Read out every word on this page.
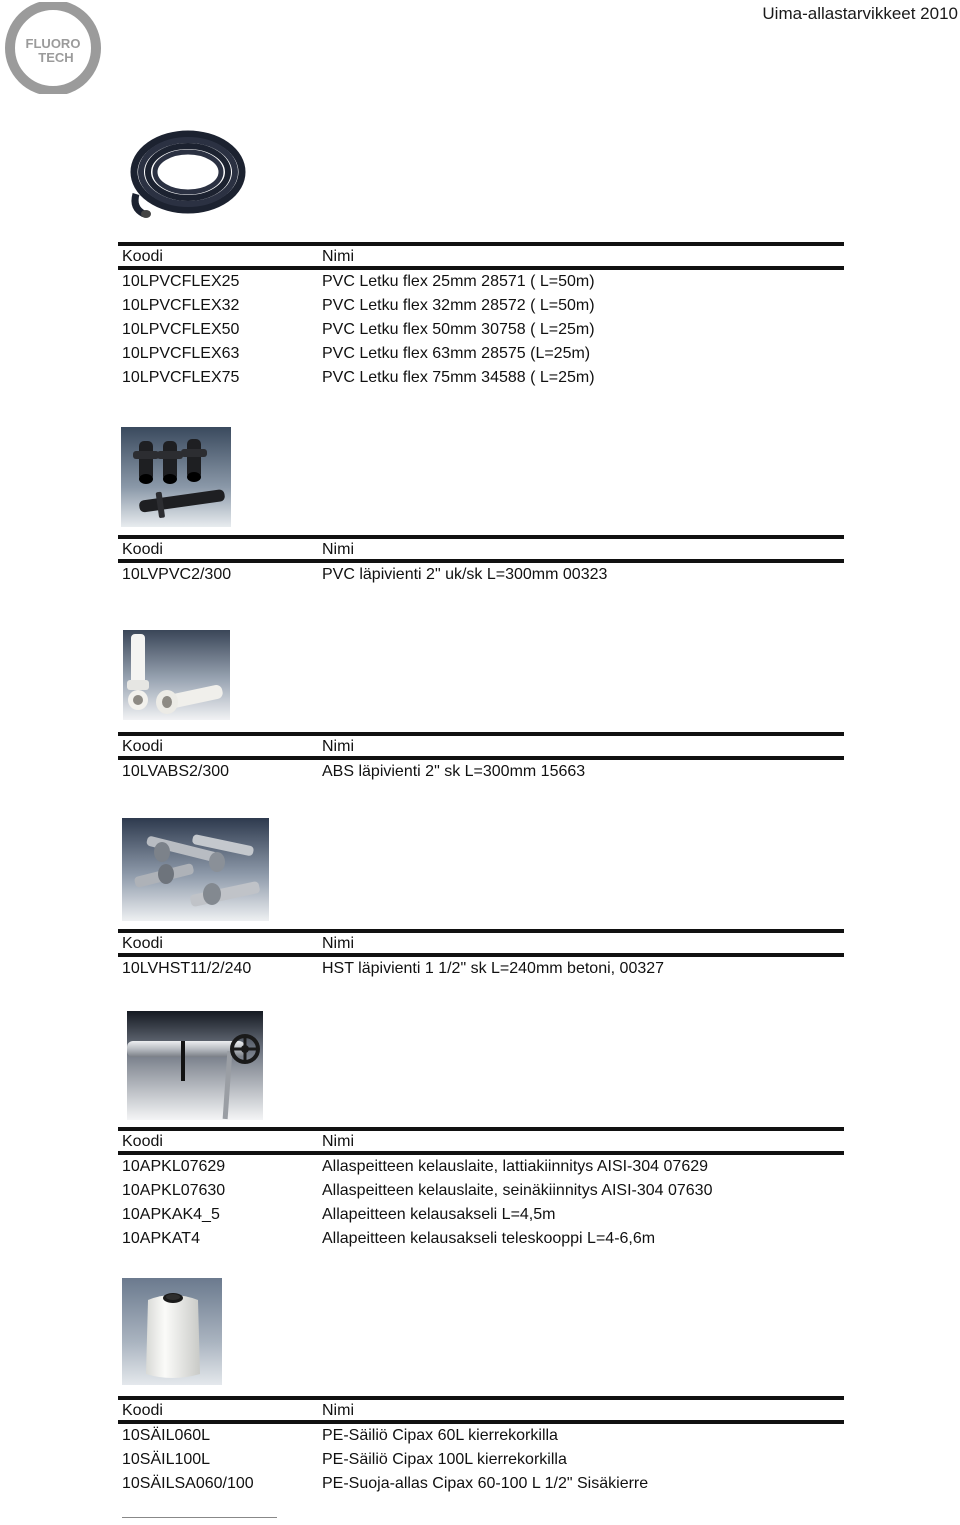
Uima-allastarvikkeet 2010
FLUORO
TECH
Koodi	Nimi
10LPVCFLEX25	PVC Letku flex 25mm 28571 ( L=50m)
10LPVCFLEX32	PVC Letku flex 32mm 28572 ( L=50m)
10LPVCFLEX50	PVC Letku flex 50mm 30758 ( L=25m)
10LPVCFLEX63	PVC Letku flex 63mm 28575 (L=25m)
10LPVCFLEX75	PVC Letku flex 75mm 34588 ( L=25m)
Koodi	Nimi
10LVPVC2/300	PVC läpivienti 2" uk/sk L=300mm 00323
Koodi	Nimi
10LVABS2/300	ABS läpivienti 2" sk L=300mm 15663
Koodi	Nimi
10LVHST11/2/240	HST läpivienti 1 1/2" sk L=240mm betoni, 00327
Koodi	Nimi
10APKL07629	Allaspeitteen kelauslaite, lattiakiinnitys AISI-304 07629
10APKL07630	Allaspeitteen kelauslaite, seinäkiinnitys AISI-304 07630
10APKAK4_5	Allapeitteen kelausakseli L=4,5m
10APKAT4	Allapeitteen kelausakseli teleskooppi L=4-6,6m
Koodi	Nimi
10SÄIL060L	PE-Säiliö Cipax 60L kierrekorkilla
10SÄIL100L	PE-Säiliö Cipax 100L kierrekorkilla
10SÄILSA060/100	PE-Suoja-allas Cipax 60-100 L 1/2" Sisäkierre
